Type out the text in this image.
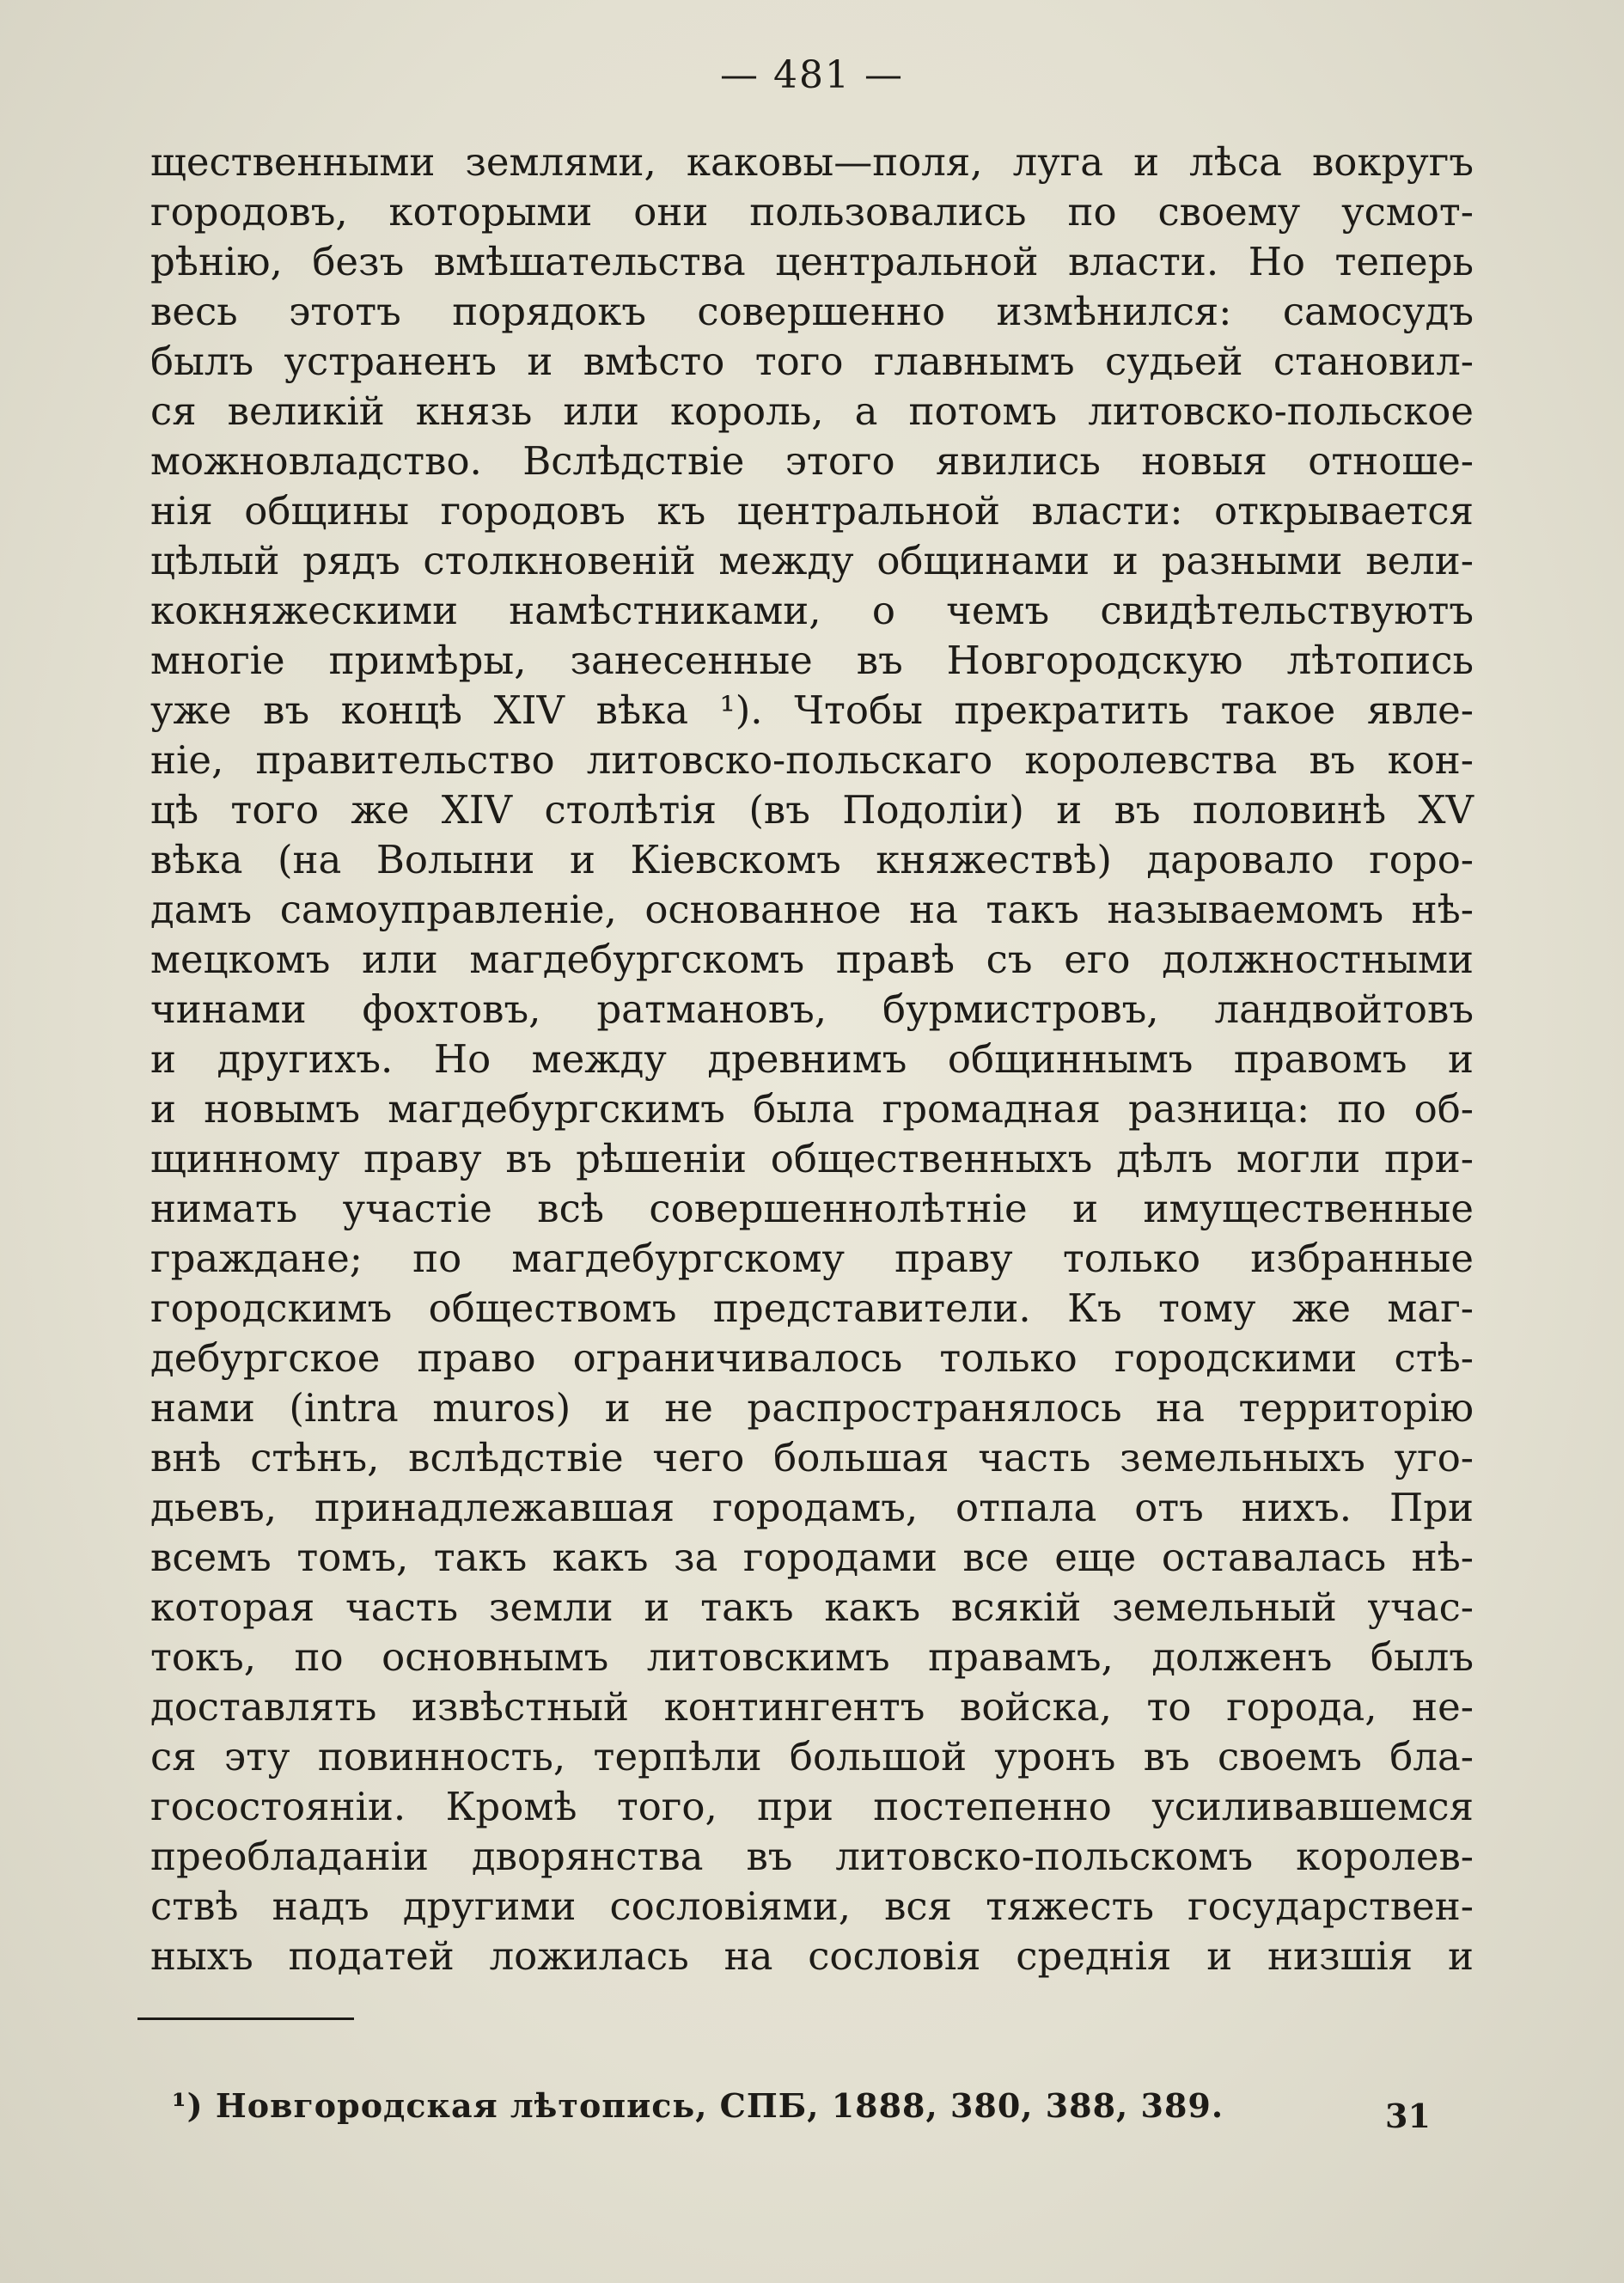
— 481 —
щественными землями, каковы—поля, луга и лѣса вокругъ
городовъ, которыми они пользовались по своему усмот-
рѣнію, безъ вмѣшательства центральной власти. Но теперь
весь этотъ порядокъ совершенно измѣнился: самосудъ
былъ устраненъ и вмѣсто того главнымъ судьей становил-
ся великій князь или король, а потомъ литовско-польское
можновладство. Вслѣдствіе этого явились новыя отноше-
нія общины городовъ къ центральной власти: открывается
цѣлый рядъ столкновеній между общинами и разными вели-
кокняжескими намѣстниками, о чемъ свидѣтельствуютъ
многіе примѣры, занесенные въ Новгородскую лѣтопись
уже въ концѣ XIV вѣка ¹). Чтобы прекратить такое явле-
ніе, правительство литовско-польскаго королевства въ кон-
цѣ того же XIV столѣтія (въ Подоліи) и въ половинѣ XV
вѣка (на Волыни и Кіевскомъ княжествѣ) даровало горо-
дамъ самоуправленіе, основанное на такъ называемомъ нѣ-
мецкомъ или магдебургскомъ правѣ съ его должностными
чинами фохтовъ, ратмановъ, бурмистровъ, ландвойтовъ
и другихъ. Но между древнимъ общиннымъ правомъ и
и новымъ магдебургскимъ была громадная разница: по об-
щинному праву въ рѣшеніи общественныхъ дѣлъ могли при-
нимать участіе всѣ совершеннолѣтніе и имущественные
граждане; по магдебургскому праву только избранные
городскимъ обществомъ представители. Къ тому же маг-
дебургское право ограничивалось только городскими стѣ-
нами (intra muros) и не распространялось на территорію
внѣ стѣнъ, вслѣдствіе чего большая часть земельныхъ уго-
дьевъ, принадлежавшая городамъ, отпала отъ нихъ. При
всемъ томъ, такъ какъ за городами все еще оставалась нѣ-
которая часть земли и такъ какъ всякій земельный учас-
токъ, по основнымъ литовскимъ правамъ, долженъ былъ
доставлять извѣстный контингентъ войска, то города, не-
ся эту повинность, терпѣли большой уронъ въ своемъ бла-
госостояніи. Кромѣ того, при постепенно усиливавшемся
преобладаніи дворянства въ литовско-польскомъ королев-
ствѣ надъ другими сословіями, вся тяжесть государствен-
ныхъ податей ложилась на сословія среднія и низшія и
¹) Новгородская лѣтопись, СПБ, 1888, 380, 388, 389.	31
